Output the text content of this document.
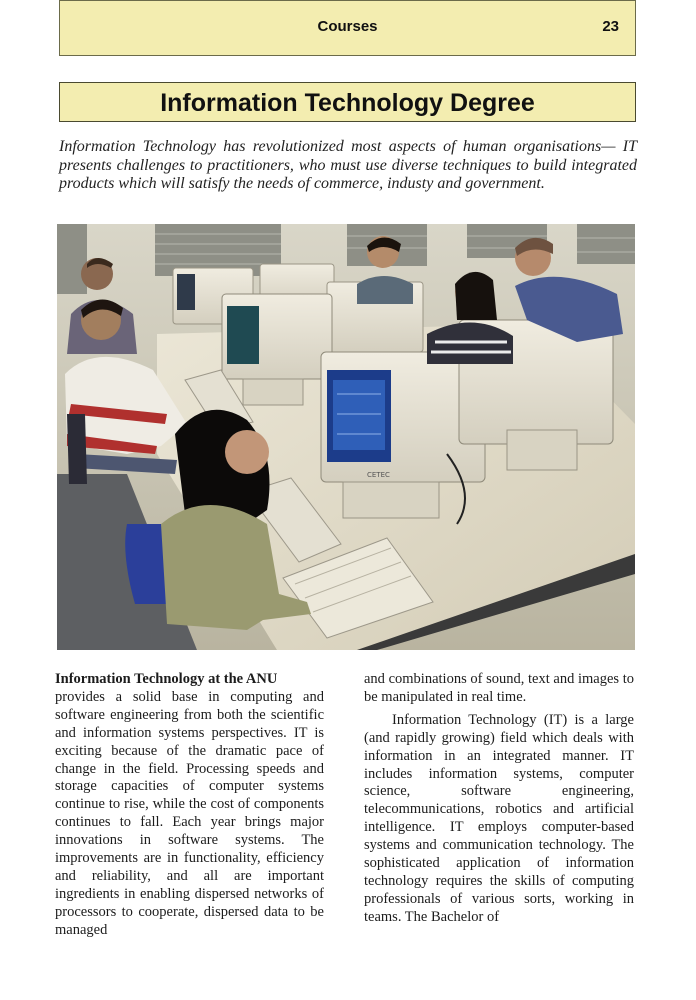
Courses	23
Information Technology Degree

Information Technology has revolutionized most aspects of human organisations— IT presents challenges to practitioners, who must use diverse techniques to build integrated products which will satisfy the needs of commerce, industy and government.

CETEC

Information Technology at the ANU
provides a solid base in computing and software engineering from both the scientific and information systems perspectives. IT is exciting because of the dramatic pace of change in the field. Processing speeds and storage capacities of computer systems continue to rise, while the cost of components continues to fall. Each year brings major innovations in software systems. The improvements are in functionality, efficiency and reliability, and all are important ingredients in enabling dispersed networks of processors to cooperate, dispersed data to be managed

and combinations of sound, text and images to be manipulated in real time.

Information Technology (IT) is a large (and rapidly growing) field which deals with information in an integrated manner. IT includes information systems, computer science, software engineering, telecommunications, robotics and artificial intelligence. IT employs computer-based systems and communication technology. The sophisticated application of information technology requires the skills of computing professionals of various sorts, working in teams. The Bachelor of
